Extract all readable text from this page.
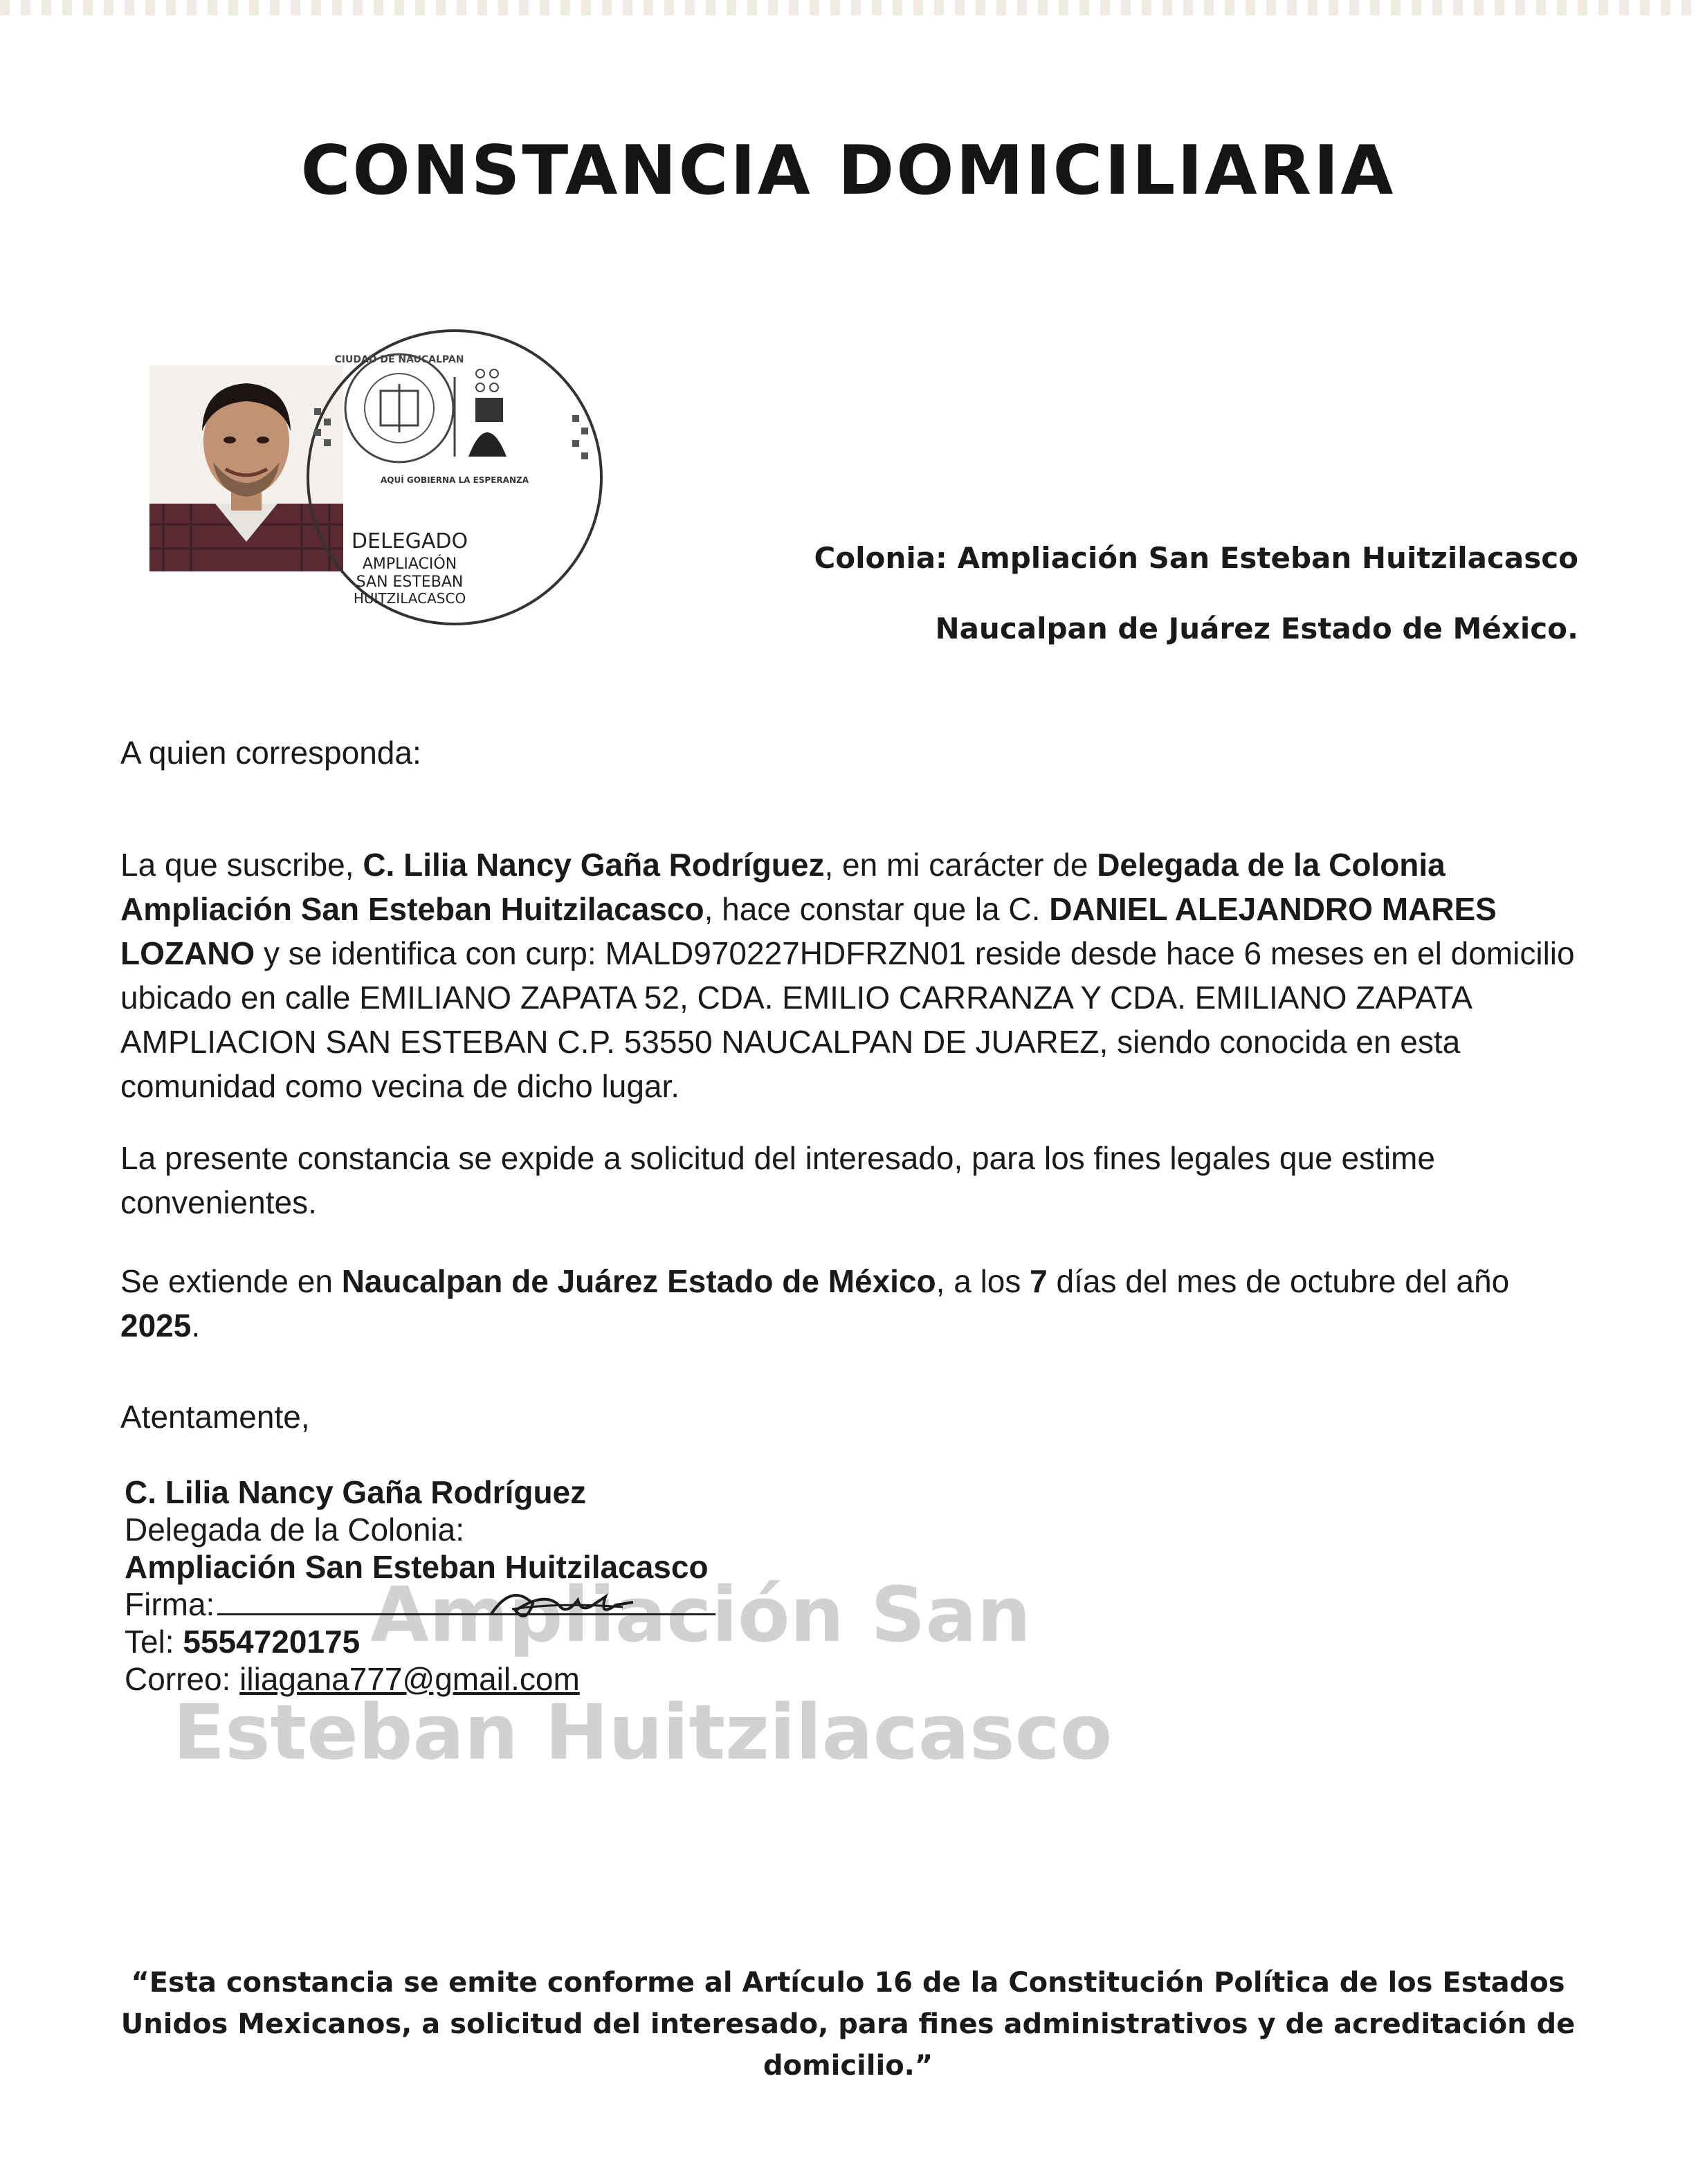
CONSTANCIA DOMICILIARIA
CIUDAD DE NAUCALPAN
AQUÍ GOBIERNA LA ESPERANZA
DELEGADO
AMPLIACIÓN
SAN ESTEBAN
HUITZILACASCO
Colonia: Ampliación San Esteban Huitzilacasco
Naucalpan de Juárez Estado de México.

A quien corresponda:

La que suscribe, C. Lilia Nancy Gaña Rodríguez, en mi carácter de Delegada de la Colonia Ampliación San Esteban Huitzilacasco, hace constar que la C. DANIEL ALEJANDRO MARES LOZANO y se identifica con curp: MALD970227HDFRZN01 reside desde hace 6 meses en el domicilio ubicado en calle EMILIANO ZAPATA 52, CDA. EMILIO CARRANZA Y CDA. EMILIANO ZAPATA AMPLIACION SAN ESTEBAN C.P. 53550 NAUCALPAN DE JUAREZ, siendo conocida en esta comunidad como vecina de dicho lugar.

La presente constancia se expide a solicitud del interesado, para los fines legales que estime convenientes.

Se extiende en Naucalpan de Juárez Estado de México, a los 7 días del mes de octubre del año 2025.

Atentamente,

Ampliación San
Esteban Huitzilacasco
C. Lilia Nancy Gaña Rodríguez
Delegada de la Colonia:
Ampliación San Esteban Huitzilacasco
Firma:
Tel: 5554720175
Correo: iliagana777@gmail.com

“Esta constancia se emite conforme al Artículo 16 de la Constitución Política de los Estados Unidos Mexicanos, a solicitud del interesado, para fines administrativos y de acreditación de domicilio.”
